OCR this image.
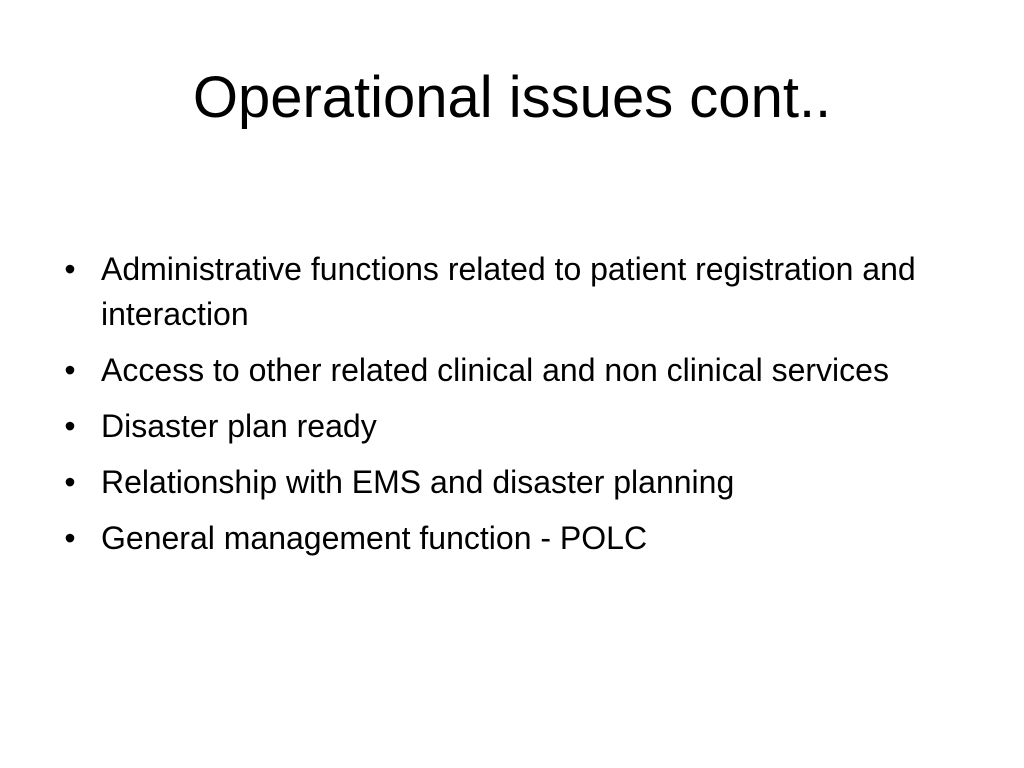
Operational issues cont..
• Administrative functions related to patient registration and interaction
• Access to other related clinical and non clinical services
• Disaster plan ready
• Relationship with EMS and disaster planning
• General management function - POLC
